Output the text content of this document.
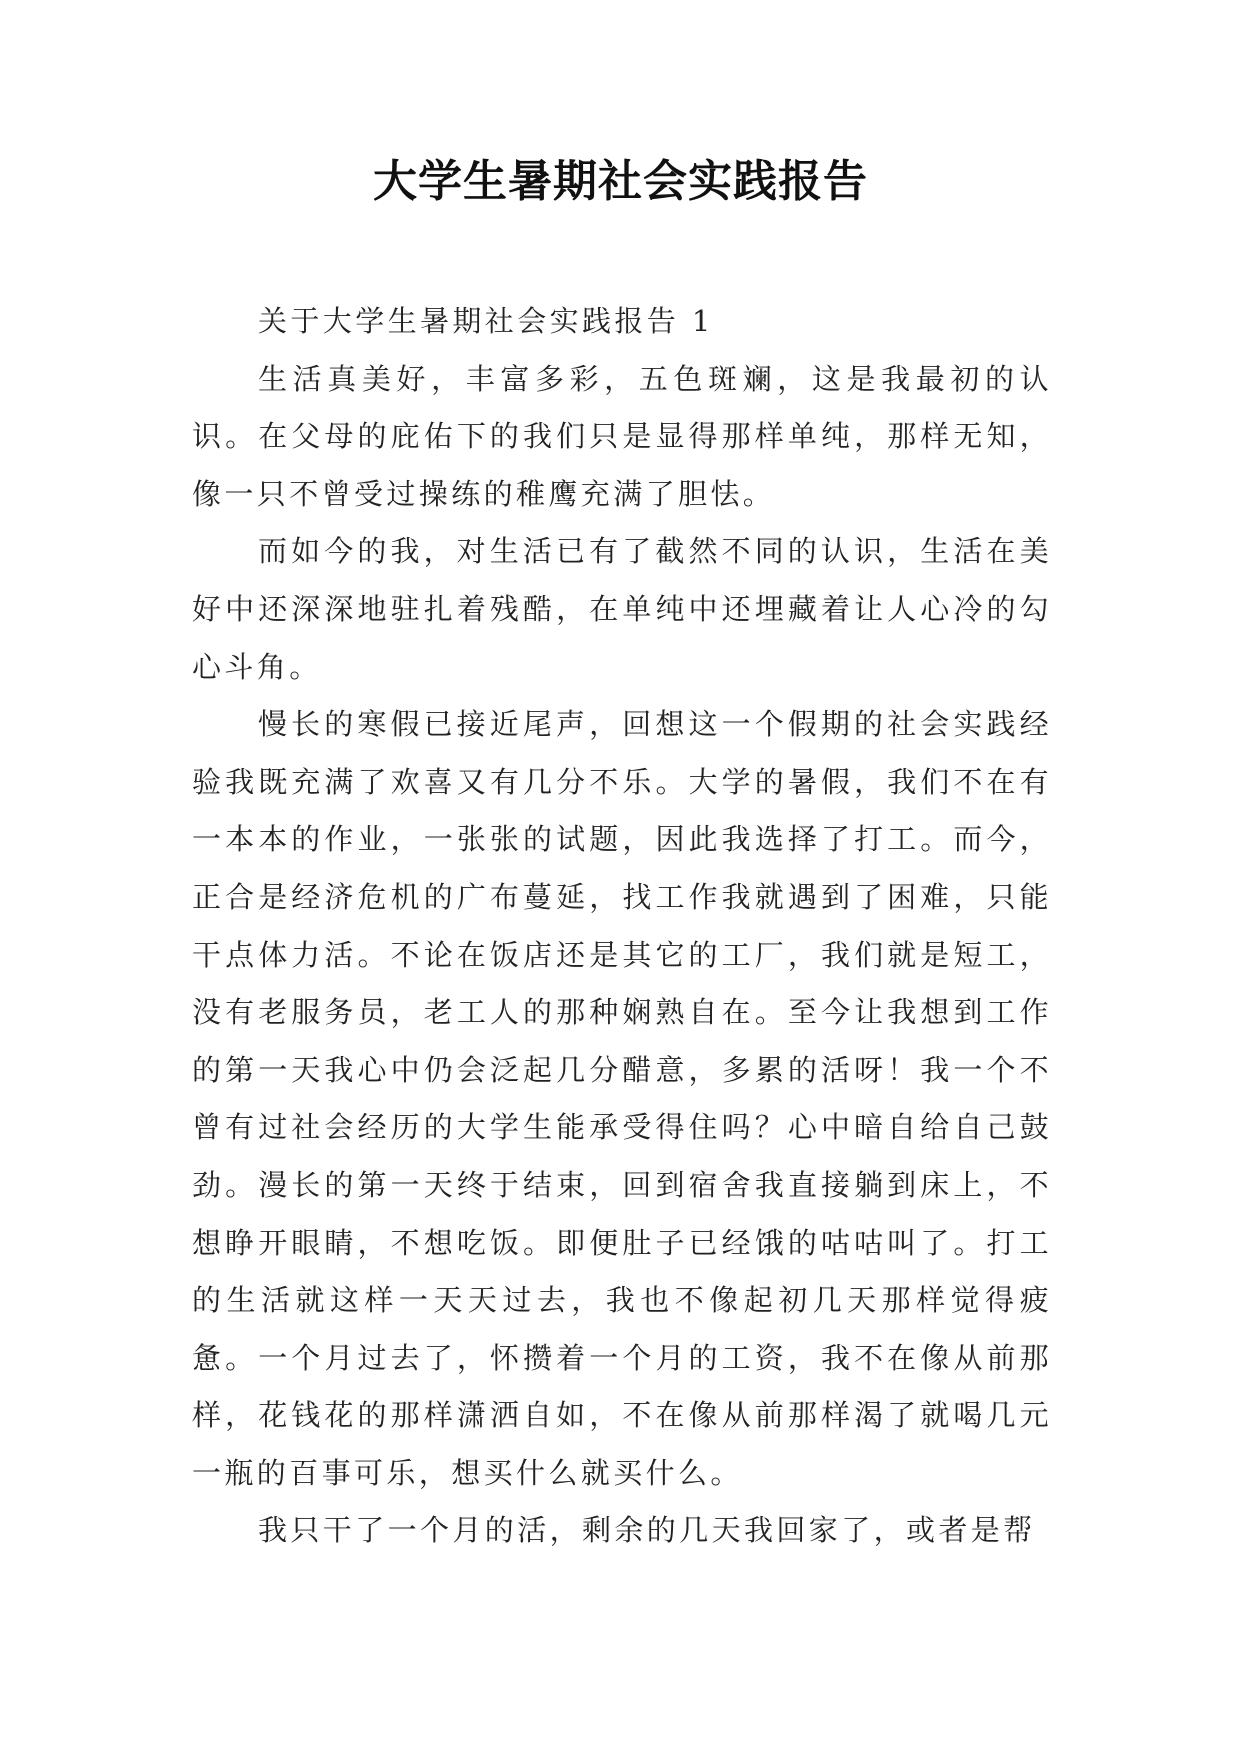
大学生暑期社会实践报告

关于大学生暑期社会实践报告 1

生活真美好，丰富多彩，五色斑斓，这是我最初的认识。在父母的庇佑下的我们只是显得那样单纯，那样无知，像一只不曾受过操练的稚鹰充满了胆怯。

而如今的我，对生活已有了截然不同的认识，生活在美好中还深深地驻扎着残酷，在单纯中还埋藏着让人心冷的勾心斗角。

慢长的寒假已接近尾声，回想这一个假期的社会实践经验我既充满了欢喜又有几分不乐。大学的暑假，我们不在有一本本的作业，一张张的试题，因此我选择了打工。而今，正合是经济危机的广布蔓延，找工作我就遇到了困难，只能干点体力活。不论在饭店还是其它的工厂，我们就是短工，没有老服务员，老工人的那种娴熟自在。至今让我想到工作的第一天我心中仍会泛起几分醋意，多累的活呀！我一个不曾有过社会经历的大学生能承受得住吗？心中暗自给自己鼓劲。漫长的第一天终于结束，回到宿舍我直接躺到床上，不想睁开眼睛，不想吃饭。即便肚子已经饿的咕咕叫了。打工的生活就这样一天天过去，我也不像起初几天那样觉得疲惫。一个月过去了，怀攒着一个月的工资，我不在像从前那样，花钱花的那样潇洒自如，不在像从前那样渴了就喝几元一瓶的百事可乐，想买什么就买什么。

我只干了一个月的活，剩余的几天我回家了，或者是帮
